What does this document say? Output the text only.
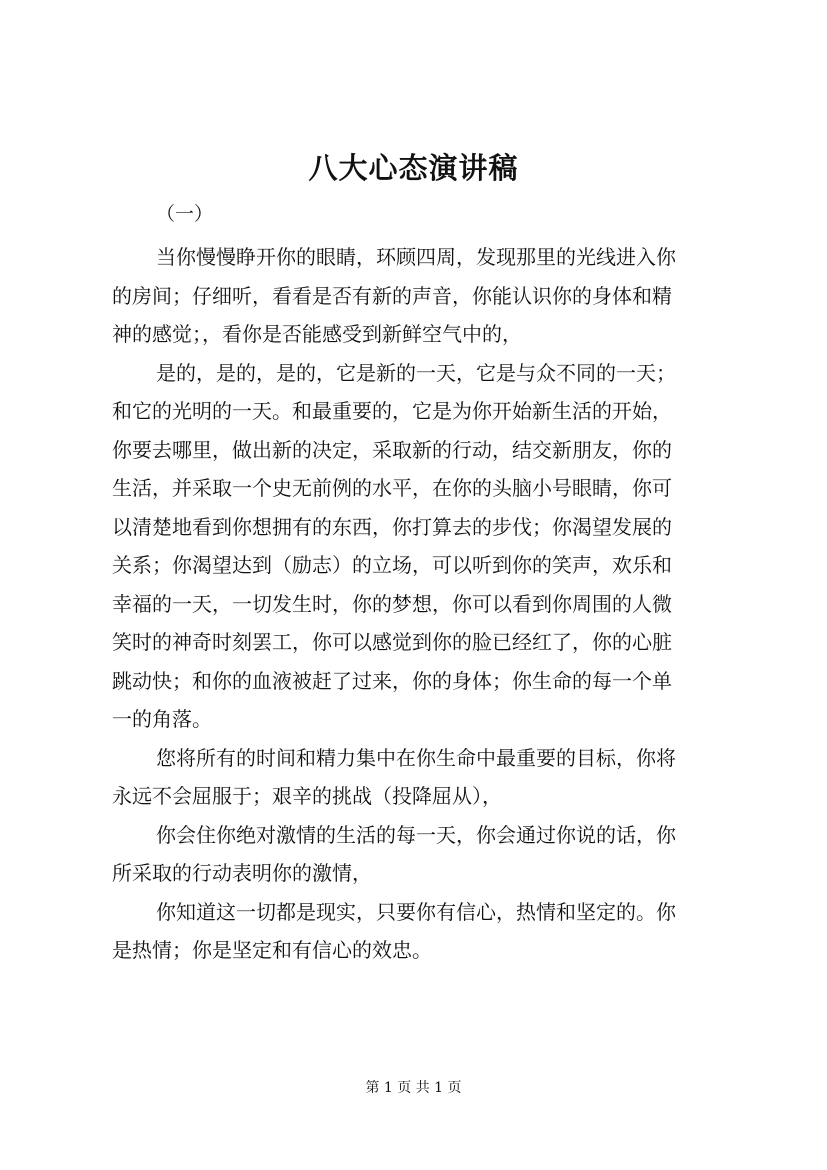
八大心态演讲稿
（一）

当你慢慢睁开你的眼睛，环顾四周，发现那里的光线进入你
的房间；仔细听，看看是否有新的声音，你能认识你的身体和精
神的感觉；，看你是否能感受到新鲜空气中的，

是的，是的，是的，它是新的一天，它是与众不同的一天；
和它的光明的一天。和最重要的，它是为你开始新生活的开始，
你要去哪里，做出新的决定，采取新的行动，结交新朋友，你的
生活，并采取一个史无前例的水平，在你的头脑小号眼睛，你可
以清楚地看到你想拥有的东西，你打算去的步伐；你渴望发展的
关系；你渴望达到（励志）的立场，可以听到你的笑声，欢乐和
幸福的一天，一切发生时，你的梦想，你可以看到你周围的人微
笑时的神奇时刻罢工，你可以感觉到你的脸已经红了，你的心脏
跳动快；和你的血液被赶了过来，你的身体；你生命的每一个单
一的角落。

您将所有的时间和精力集中在你生命中最重要的目标，你将
永远不会屈服于；艰辛的挑战（投降屈从），

你会住你绝对激情的生活的每一天，你会通过你说的话，你
所采取的行动表明你的激情，

你知道这一切都是现实，只要你有信心，热情和坚定的。你
是热情；你是坚定和有信心的效忠。

第 1 页 共 1 页
